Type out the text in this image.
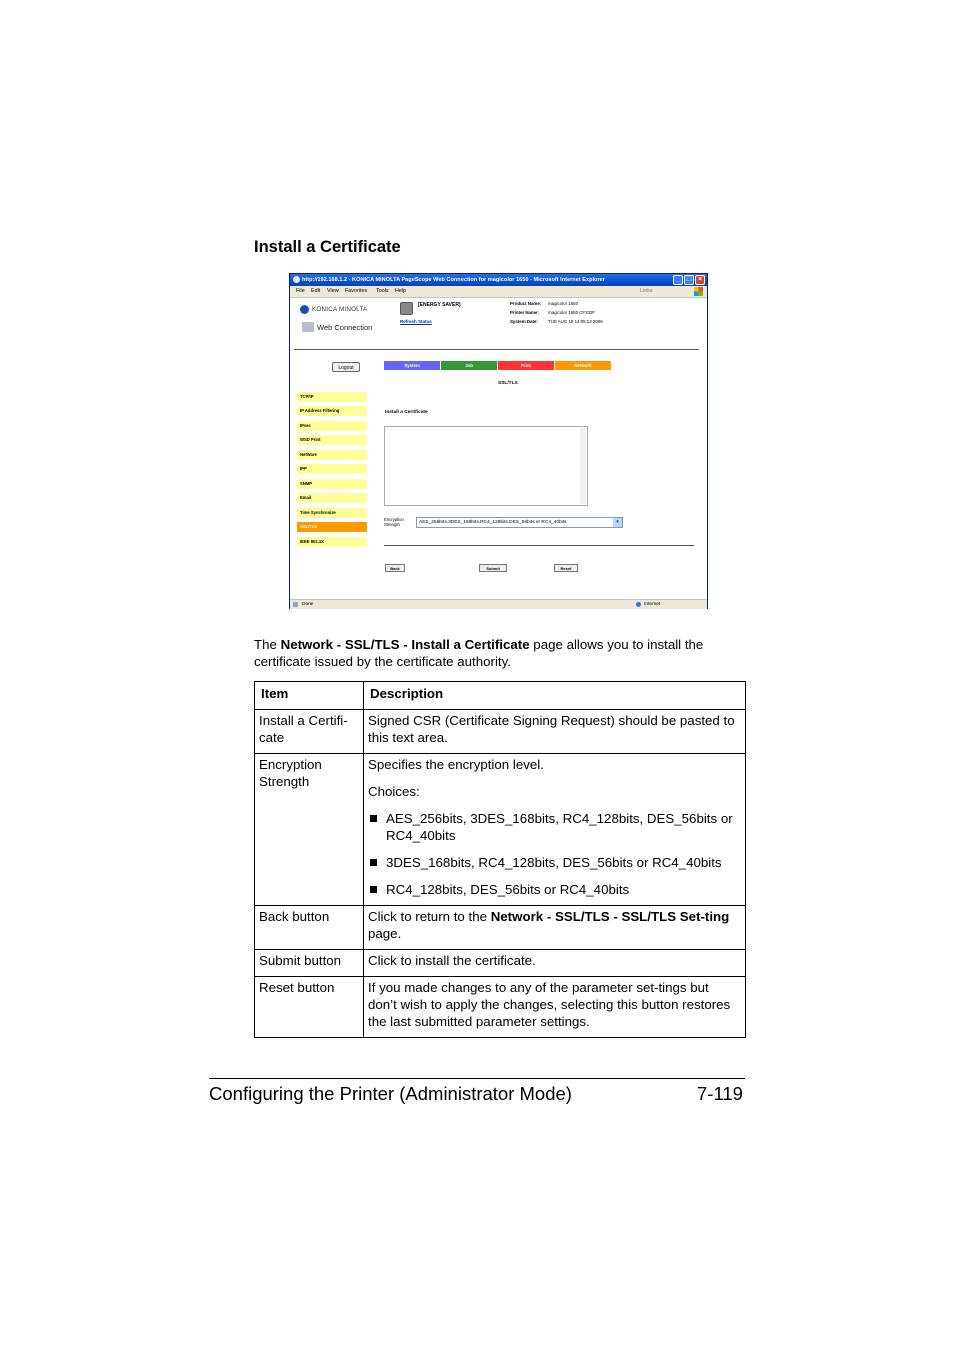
Install a Certificate
http://192.168.1.2 - KONICA MINOLTA PageScope Web Connection for magicolor 1650 - Microsoft Internet Explorer	_ □ ×
File Edit View Favorites Tools Help	Links
KONICA MINOLTA
Web Connection
[ENERGY SAVER]
Refresh Status
Product Name: magicolor 1650
Printer Name: magicolor 1650 CF332F
System Date: TUE AUG 19 14:05:13 2008
Logout	System	Job	Print	Network
SSL/TLS
TCP/IP
IP Address Filtering
IPsec
WSD Print
NetWare
IPP
SNMP
Email
Time Synchronize
SSL/TLS
IEEE 802.1X
Install a Certificate
Encryption
Strength	AES_256bits,3DES_168bits,RC4_128bits,DES_56bits or RC4_40bits	▾
Back	Submit	Reset
Done	Internet
The Network - SSL/TLS - Install a Certificate page allows you to install the certificate issued by the certificate authority.
Item	Description
Install a Certifi-cate	Signed CSR (Certificate Signing Request) should be pasted to this text area.
Encryption Strength	Specifies the encryption level.

Choices:

AES_256bits, 3DES_168bits, RC4_128bits, DES_56bits or RC4_40bits

3DES_168bits, RC4_128bits, DES_56bits or RC4_40bits

RC4_128bits, DES_56bits or RC4_40bits

Back button	Click to return to the Network - SSL/TLS - SSL/TLS Set-ting page.
Submit button	Click to install the certificate.
Reset button	If you made changes to any of the parameter set-tings but don’t wish to apply the changes, selecting this button restores the last submitted parameter settings.
Configuring the Printer (Administrator Mode)	7-119
